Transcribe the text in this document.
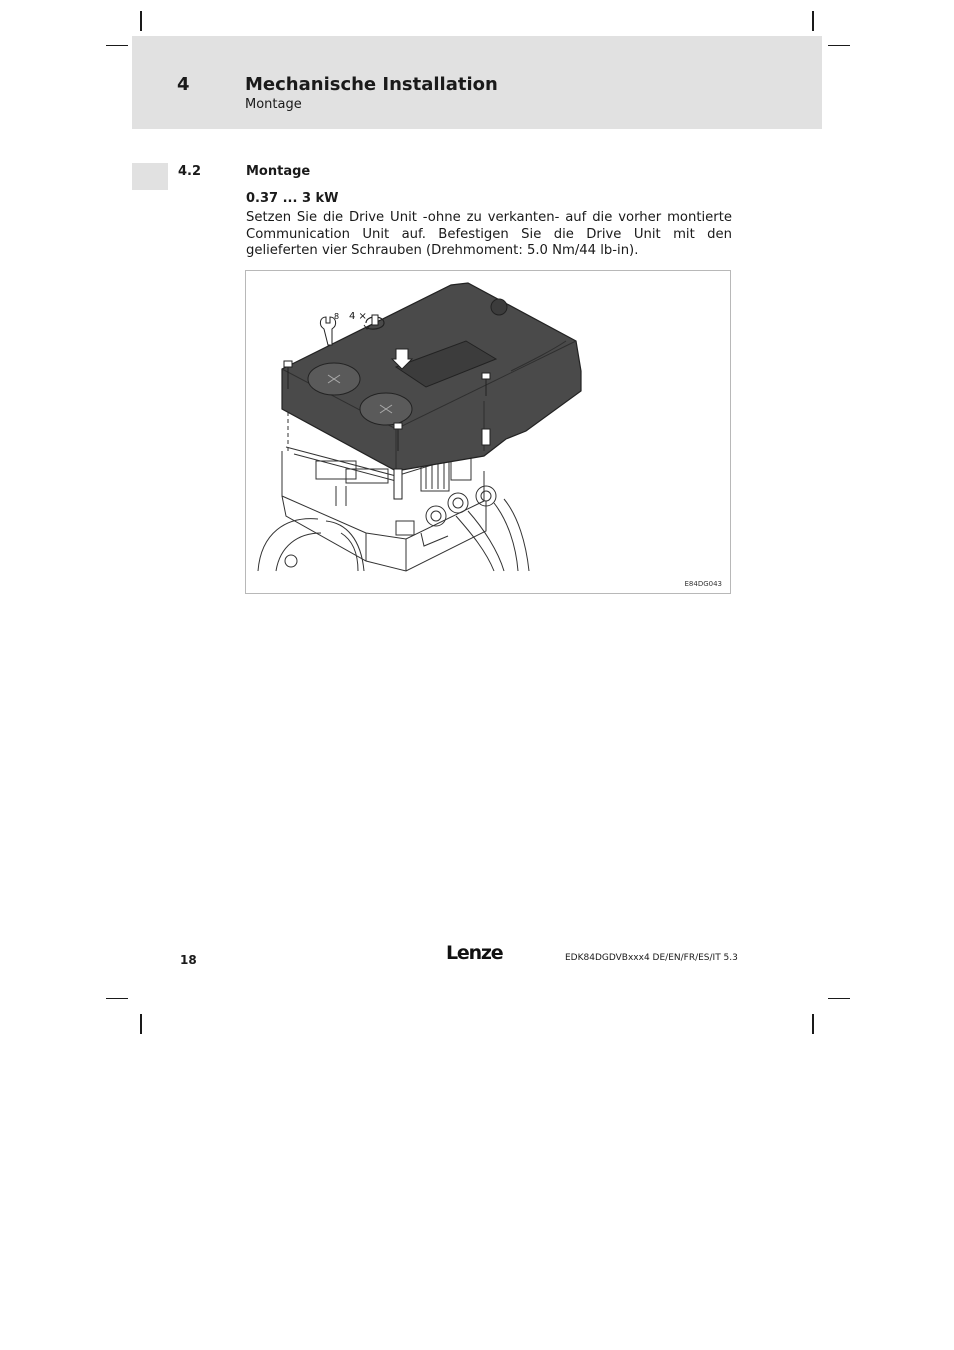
4	Mechanische Installation
Montage
4.2	Montage
0.37 ... 3 kW
Setzen Sie die Drive Unit -ohne zu verkanten- auf die vorher montierte Communication Unit auf. Befestigen Sie die Drive Unit mit den gelieferten vier Schrauben (Drehmoment: 5.0 Nm/44 lb-in).
8 4 ×
E84DG043
18	Lenze	EDK84DGDVBxxx4 DE/EN/FR/ES/IT 5.3
